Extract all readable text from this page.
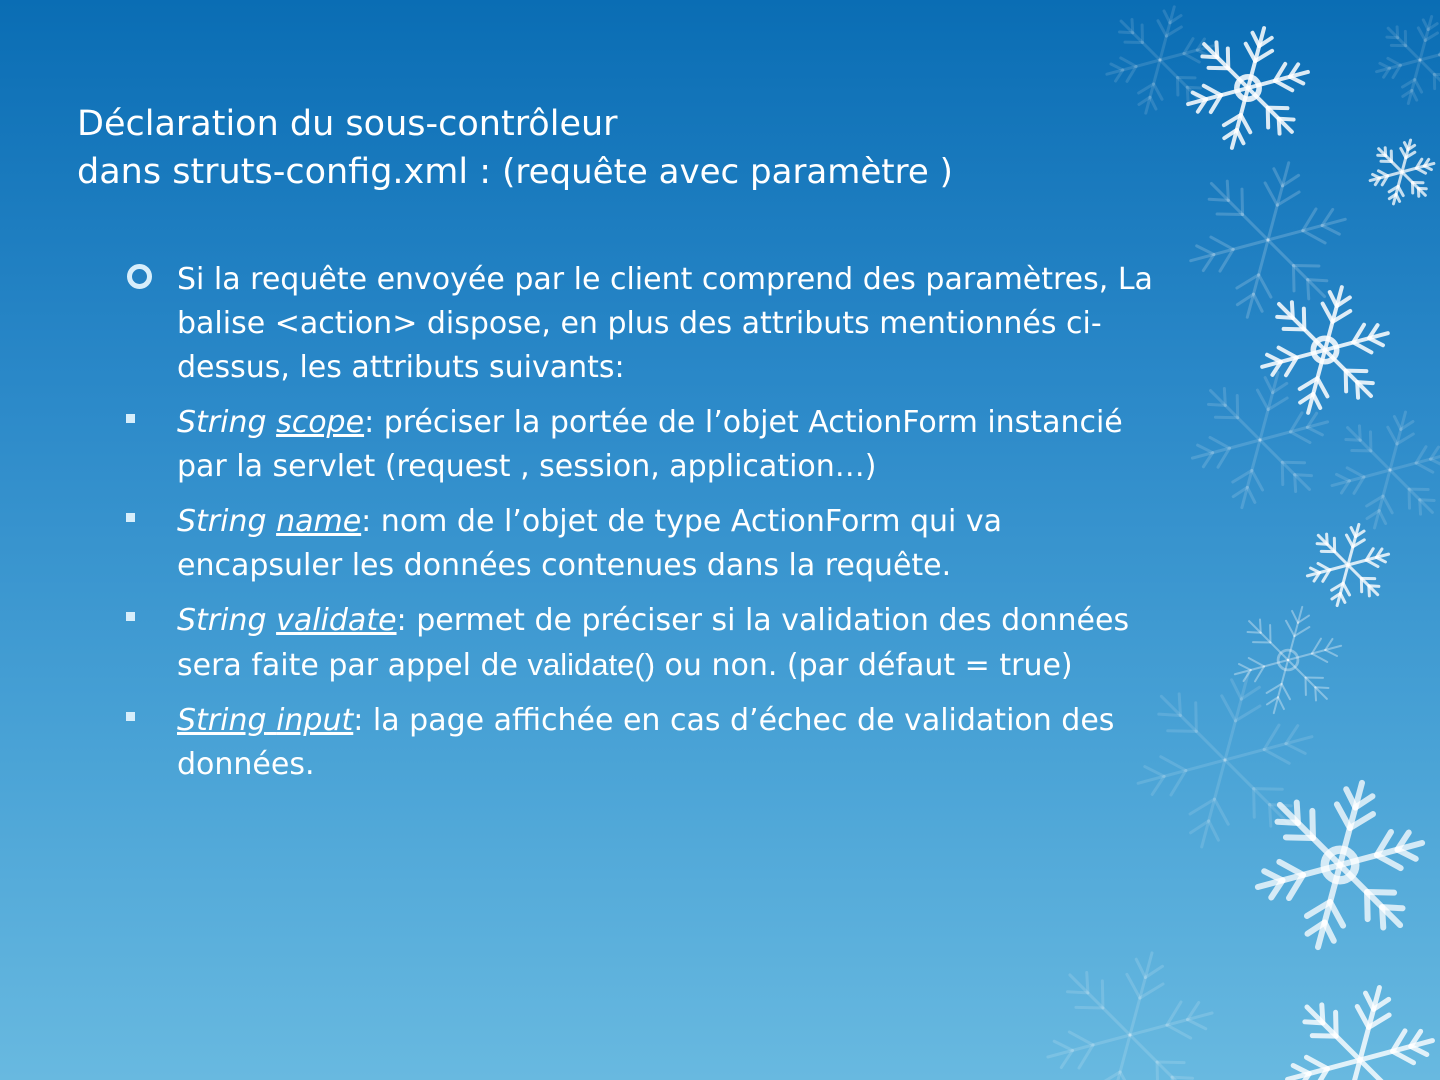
Déclaration du sous-contrôleur
dans struts-config.xml : (requête avec paramètre )
Si la requête envoyée par le client comprend des paramètres, La balise <action> dispose, en plus des attributs mentionnés ci-dessus, les attributs suivants:
String scope: préciser la portée de l’objet ActionForm instancié par la servlet (request , session, application…)
String name: nom de l’objet de type ActionForm qui va encapsuler les données contenues dans la requête.
String validate: permet de préciser si la validation des données sera faite par appel de validate() ou non. (par défaut = true)
String input: la page affichée en cas d’échec de validation des données.
